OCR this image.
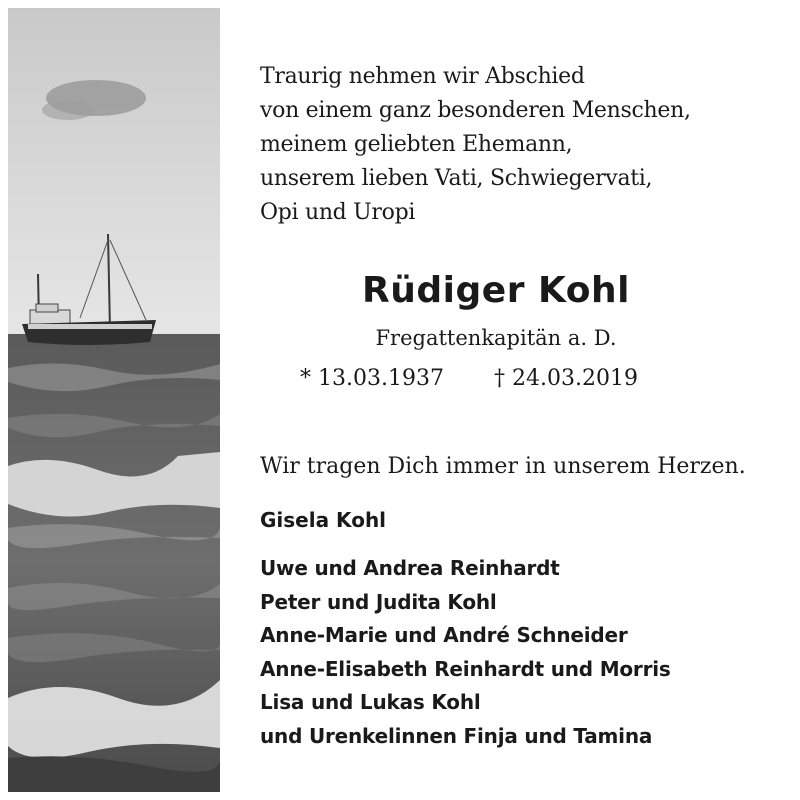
Traurig nehmen wir Abschied
von einem ganz besonderen Menschen,
meinem geliebten Ehemann,
unserem lieben Vati, Schwiegervati,
Opi und Uropi
Rüdiger Kohl
Fregattenkapitän a. D.
* 13.03.1937 † 24.03.2019
Wir tragen Dich immer in unserem Herzen.
Gisela Kohl
Uwe und Andrea Reinhardt
Peter und Judita Kohl
Anne-Marie und André Schneider
Anne-Elisabeth Reinhardt und Morris
Lisa und Lukas Kohl
und Urenkelinnen Finja und Tamina
